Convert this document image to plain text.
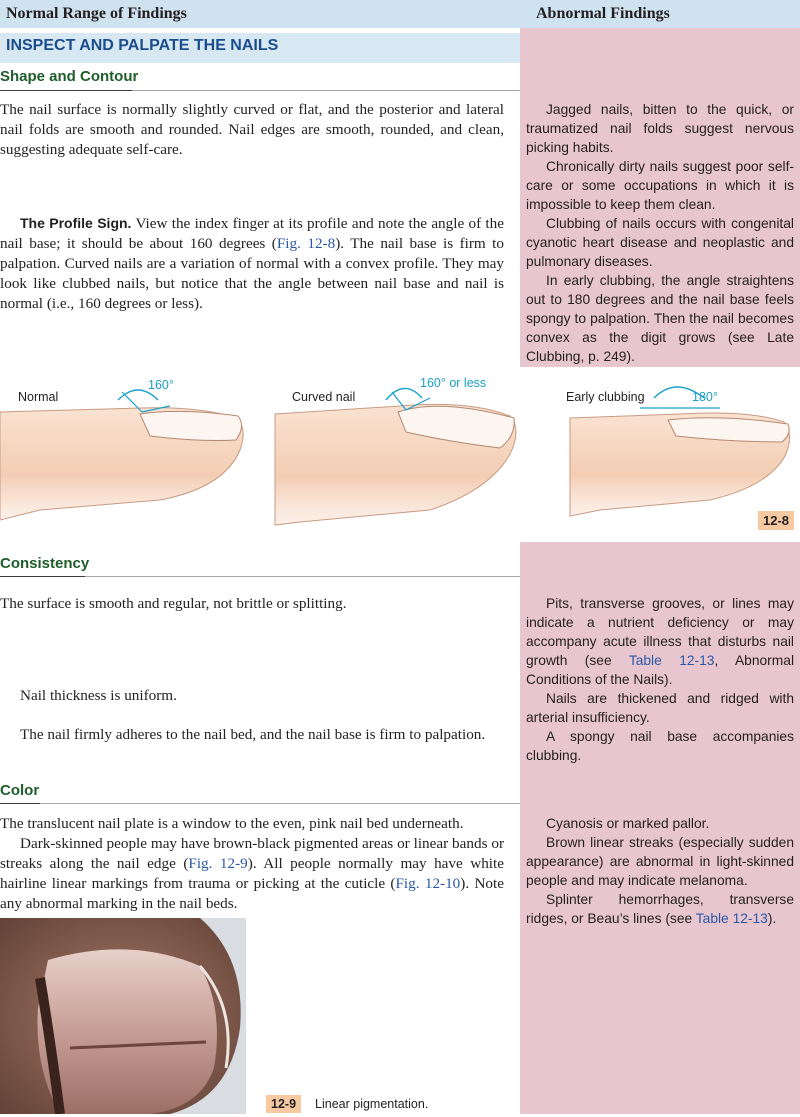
Normal Range of Findings	Abnormal Findings
INSPECT AND PALPATE THE NAILS
Shape and Contour
The nail surface is normally slightly curved or flat, and the posterior and lateral nail folds are smooth and rounded. Nail edges are smooth, rounded, and clean, suggesting adequate self-care.
The Profile Sign. View the index finger at its profile and note the angle of the nail base; it should be about 160 degrees (Fig. 12-8). The nail base is firm to palpation. Curved nails are a variation of normal with a convex profile. They may look like clubbed nails, but notice that the angle between nail base and nail is normal (i.e., 160 degrees or less).

Jagged nails, bitten to the quick, or traumatized nail folds suggest nervous picking habits.

Chronically dirty nails suggest poor self-care or some occupations in which it is impossible to keep them clean.

Clubbing of nails occurs with congenital cyanotic heart disease and neoplastic and pulmonary diseases.

In early clubbing, the angle straightens out to 180 degrees and the nail base feels spongy to palpation. Then the nail becomes convex as the digit grows (see Late Clubbing, p. 249).

Normal
160°
Curved nail
160° or less
Early clubbing	180°
12-8
Consistency
The surface is smooth and regular, not brittle or splitting.
Nail thickness is uniform.
The nail firmly adheres to the nail bed, and the nail base is firm to palpation.

Pits, transverse grooves, or lines may indicate a nutrient deficiency or may accompany acute illness that disturbs nail growth (see Table 12-13, Abnormal Conditions of the Nails).

Nails are thickened and ridged with arterial insufficiency.

A spongy nail base accompanies clubbing.

Color
The translucent nail plate is a window to the even, pink nail bed underneath.
Dark-skinned people may have brown-black pigmented areas or linear bands or streaks along the nail edge (Fig. 12-9). All people normally may have white hairline linear markings from trauma or picking at the cuticle (Fig. 12-10). Note any abnormal marking in the nail beds.

Cyanosis or marked pallor.

Brown linear streaks (especially sudden appearance) are abnormal in light-skinned people and may indicate melanoma.

Splinter hemorrhages, transverse ridges, or Beau’s lines (see Table 12-13).

12-9 Linear pigmentation.
